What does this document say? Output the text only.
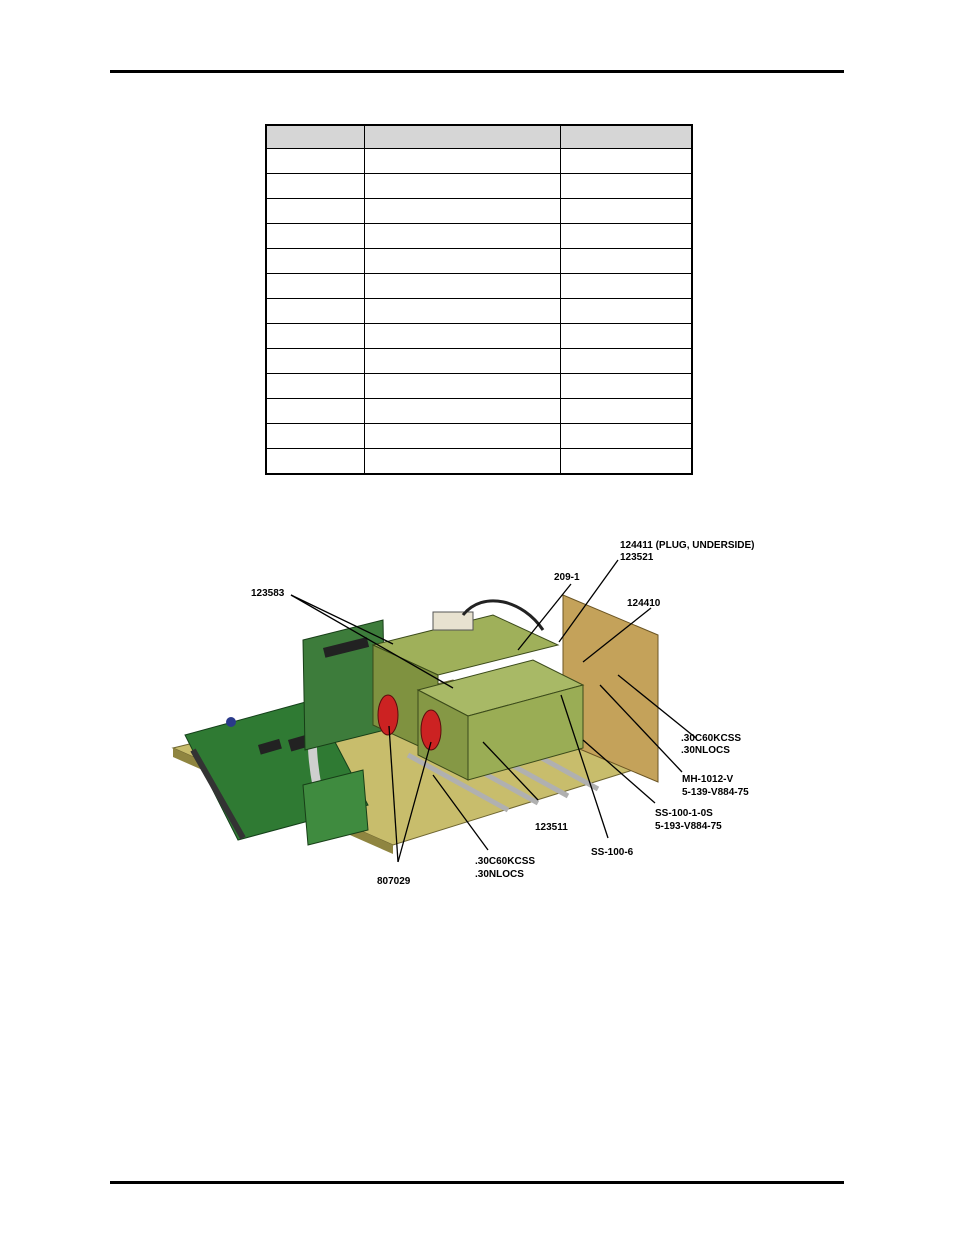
124411 (PLUG, UNDERSIDE)
123521
209-1
124410
123583
.30C60KCSS
.30NLOCS
MH-1012-V
5-139-V884-75
SS-100-1-0S
5-193-V884-75
123511
SS-100-6
.30C60KCSS
.30NLOCS
807029
